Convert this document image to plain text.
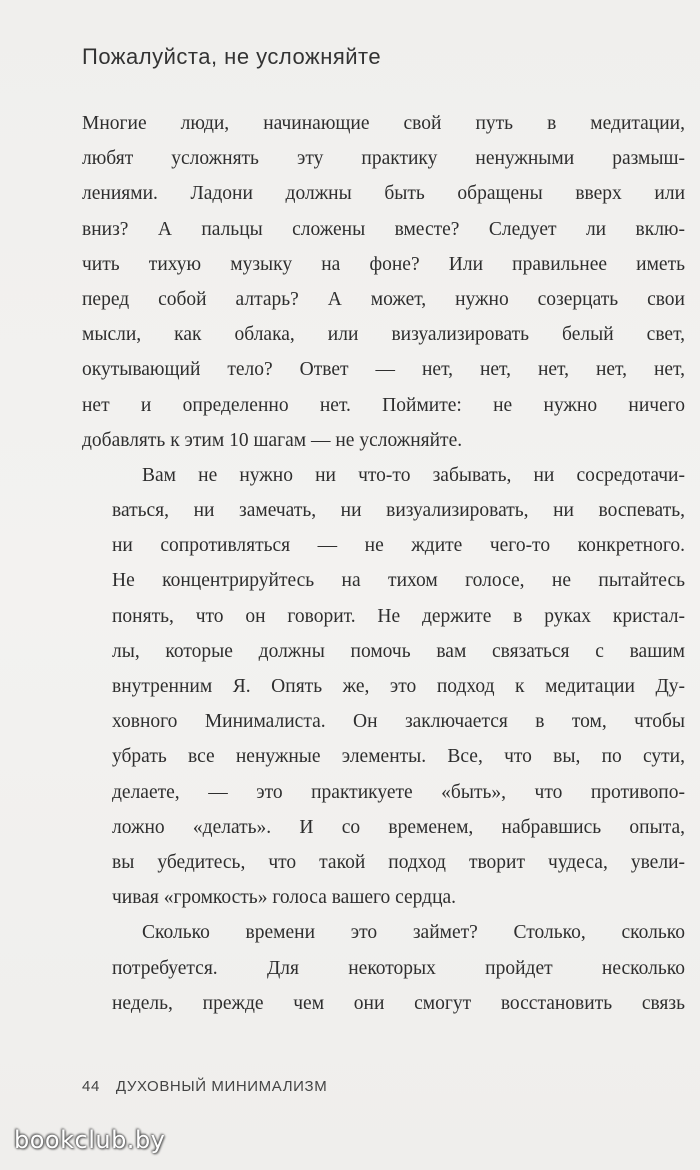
Пожалуйста, не усложняйте

Многие люди, начинающие свой путь в медитации,
любят усложнять эту практику ненужными размыш-
лениями. Ладони должны быть обращены вверх или
вниз? А пальцы сложены вместе? Следует ли вклю-
чить тихую музыку на фоне? Или правильнее иметь
перед собой алтарь? А может, нужно созерцать свои
мысли, как облака, или визуализировать белый свет,
окутывающий тело? Ответ — нет, нет, нет, нет, нет,
нет и определенно нет. Поймите: не нужно ничего
добавлять к этим 10 шагам — не усложняйте.

Вам не нужно ни что-то забывать, ни сосредотачи-
ваться, ни замечать, ни визуализировать, ни воспевать,
ни сопротивляться — не ждите чего-то конкретного.
Не концентрируйтесь на тихом голосе, не пытайтесь
понять, что он говорит. Не держите в руках кристал-
лы, которые должны помочь вам связаться с вашим
внутренним Я. Опять же, это подход к медитации Ду-
ховного Минималиста. Он заключается в том, чтобы
убрать все ненужные элементы. Все, что вы, по сути,
делаете, — это практикуете «быть», что противопо-
ложно «делать». И со временем, набравшись опыта,
вы убедитесь, что такой подход творит чудеса, увели-
чивая «громкость» голоса вашего сердца.

Сколько времени это займет? Столько, сколько
потребуется. Для некоторых пройдет несколько
недель, прежде чем они смогут восстановить связь

44 ДУХОВНЫЙ МИНИМАЛИЗМ
bookclub.by
